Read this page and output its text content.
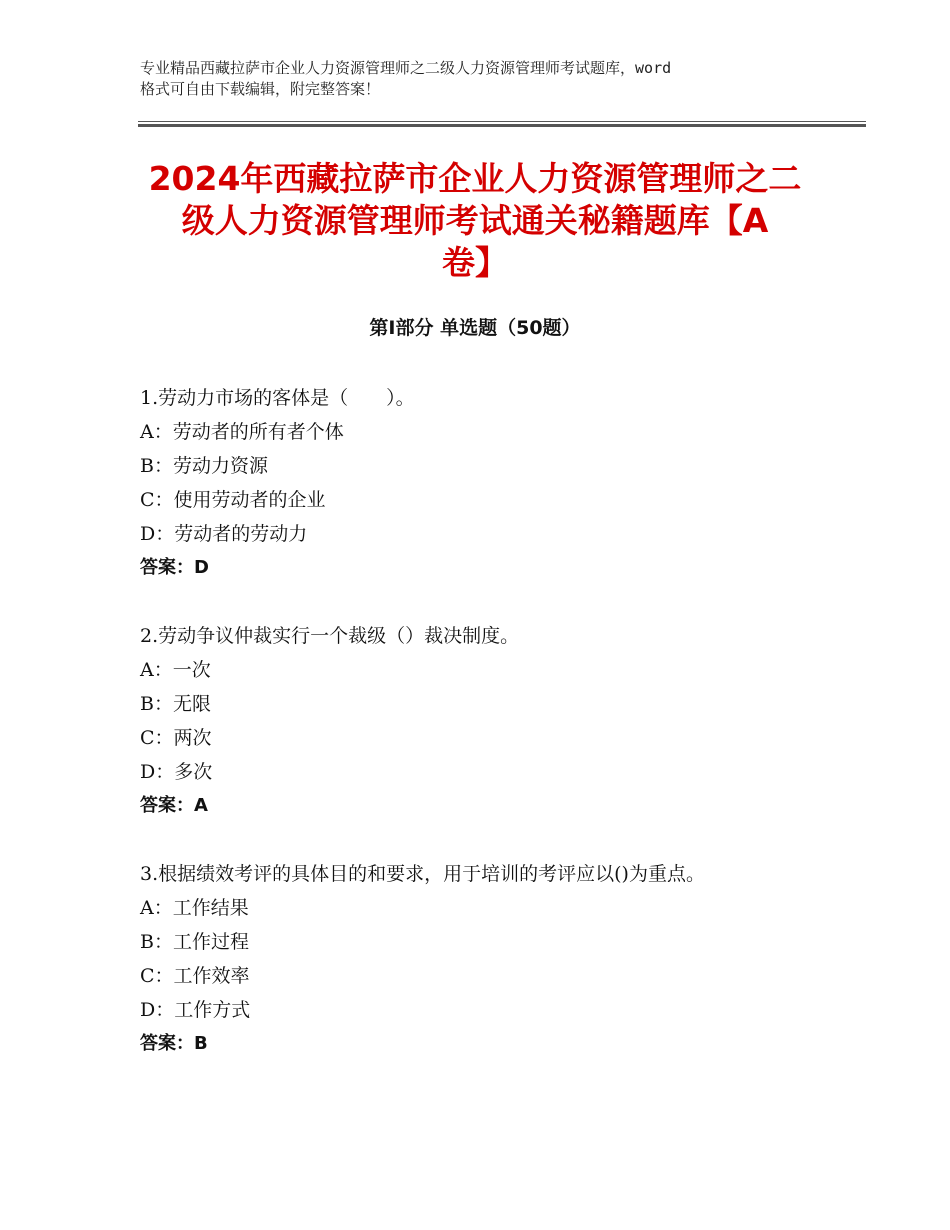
专业精品西藏拉萨市企业人力资源管理师之二级人力资源管理师考试题库，word
格式可自由下载编辑，附完整答案！
2024年西藏拉萨市企业人力资源管理师之二
级人力资源管理师考试通关秘籍题库【A
卷】
第Ⅰ部分 单选题（50题）
1.劳动力市场的客体是（　　）。
A：劳动者的所有者个体
B：劳动力资源
C：使用劳动者的企业
D：劳动者的劳动力
答案：D
2.劳动争议仲裁实行一个裁级（）裁决制度。
A：一次
B：无限
C：两次
D：多次
答案：A
3.根据绩效考评的具体目的和要求，用于培训的考评应以()为重点。
A：工作结果
B：工作过程
C：工作效率
D：工作方式
答案：B
